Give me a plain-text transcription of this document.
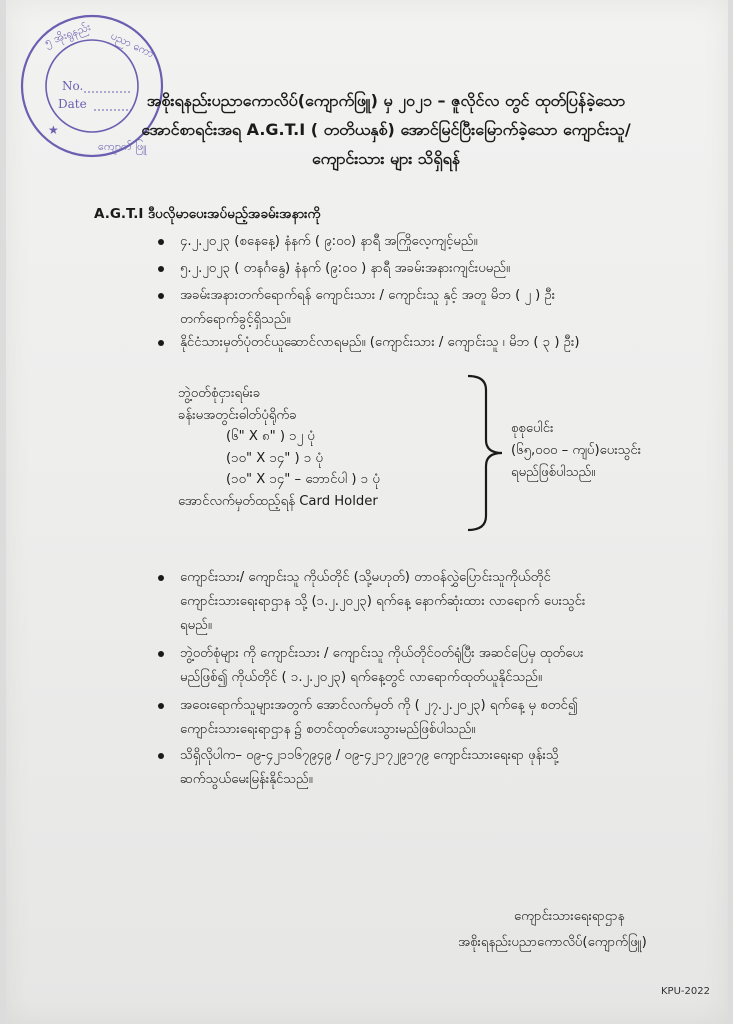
၅ အိုးရွနည်း ပညာ ကော
ကျောက် ဖြူ
★
No.
Date	အစိုးရနည်းပညာကောလိပ်(ကျောက်ဖြူ) မှ ၂၀၂၁ – ဇူလိုင်လ တွင် ထုတ်ပြန်ခဲ့သော
အောင်စာရင်းအရ A.G.T.I ( တတိယနှစ်) အောင်မြင်ပြီးမြောက်ခဲ့သော ကျောင်းသူ/
ကျောင်းသား များ သိရှိရန်
A.G.T.I ဒီပလိုမာပေးအပ်မည့်အခမ်းအနားကို
၄.၂.၂၀၂၃ (စနေနေ့) နံနက် ( ၉:၀၀) နာရီ အကြိုလေ့ကျင့်မည်။
၅.၂.၂၀၂၃ ( တနင်္ဂနွေ) နံနက် (၉:၀၀ ) နာရီ အခမ်းအနားကျင်းပမည်။
အခမ်းအနားတက်ရောက်ရန် ကျောင်းသား / ကျောင်းသူ နှင့် အတူ မိဘ ( ၂ ) ဦး
တက်ရောက်ခွင့်ရှိသည်။
နိုင်ငံသားမှတ်ပုံတင်ယူဆောင်လာရမည်။ (ကျောင်းသား / ကျောင်းသူ ၊ မိဘ ( ၃ ) ဦး)
ဘွဲ့ဝတ်စုံငှားရမ်းခ
ခန်းမအတွင်းဓါတ်ပုံရိုက်ခ
(၆" X ၈" ) ၁၂ ပုံ
(၁၀" X ၁၄" ) ၁ ပုံ
(၁၀" X ၁၄" – ဘောင်ပါ ) ၁ ပုံ
အောင်လက်မှတ်ထည့်ရန် Card Holder
စုစုပေါင်း
(၆၅,၀၀၀ – ကျပ်)ပေးသွင်း
ရမည်ဖြစ်ပါသည်။
ကျောင်းသား/ ကျောင်းသူ ကိုယ်တိုင် (သို့မဟုတ်) တာဝန်လွှဲပြောင်းသူကိုယ်တိုင်
ကျောင်းသားရေးရာဌာန သို့ (၁.၂.၂၀၂၃) ရက်နေ့ နောက်ဆုံးထား လာရောက် ပေးသွင်း
ရမည်။
ဘွဲ့ဝတ်စုံများ ကို ကျောင်းသား / ကျောင်းသူ ကိုယ်တိုင်ဝတ်ရုံပြီး အဆင်ပြေမှ ထုတ်ပေး
မည်ဖြစ်၍ ကိုယ်တိုင် ( ၁.၂.၂၀၂၃) ရက်နေ့တွင် လာရောက်ထုတ်ယူနိုင်သည်။
အဝေးရောက်သူများအတွက် အောင်လက်မှတ် ကို ( ၂၇.၂.၂၀၂၃) ရက်နေ့ မှ စတင်၍
ကျောင်းသားရေးရာဌာန ၌ စတင်ထုတ်ပေးသွားမည်ဖြစ်ပါသည်။
သိရှိလိုပါက– ၀၉-၄၂၁၁၆၇၉၄၉ / ၀၉-၄၂၁၇၂၉၁၇၉ ကျောင်းသားရေးရာ ဖုန်းသို့
ဆက်သွယ်မေးမြန်းနိုင်သည်။
ကျောင်းသားရေးရာဌာန
အစိုးရနည်းပညာကောလိပ်(ကျောက်ဖြူ)
KPU-2022
